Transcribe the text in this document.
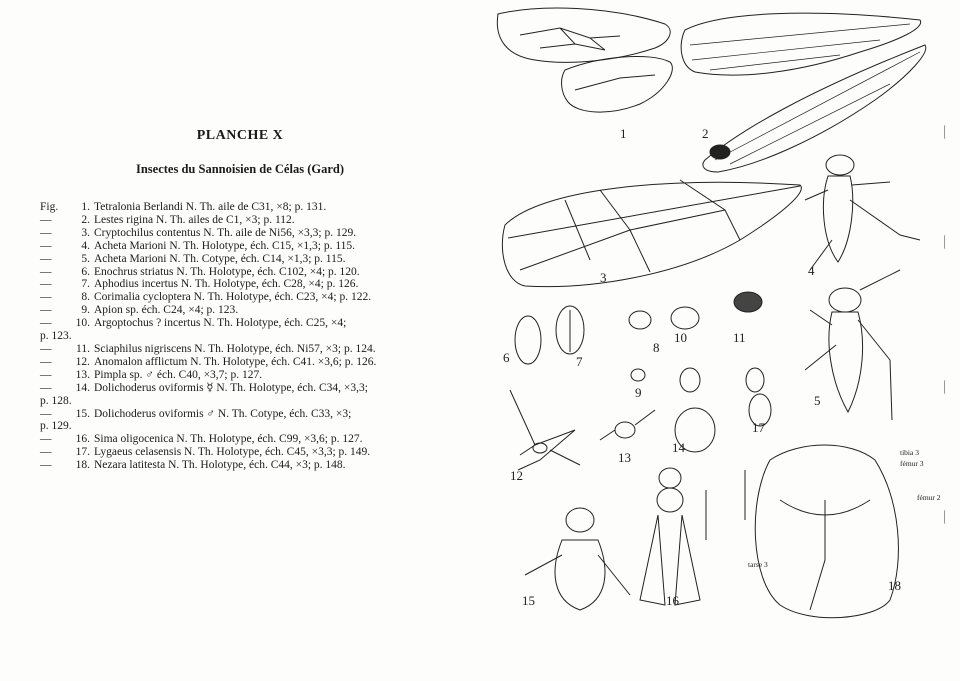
PLANCHE X
Insectes du Sannoisien de Célas (Gard)
Fig.	1. Tetralonia Berlandi N. Th. aile de C31, ×8; p. 131.
—	2. Lestes rigina N. Th. ailes de C1, ×3; p. 112.
—	3. Cryptochilus contentus N. Th. aile de Ni56, ×3,3; p. 129.
—	4. Acheta Marioni N. Th. Holotype, éch. C15, ×1,3; p. 115.
—	5. Acheta Marioni N. Th. Cotype, éch. C14, ×1,3; p. 115.
—	6. Enochrus striatus N. Th. Holotype, éch. C102, ×4; p. 120.
—	7. Aphodius incertus N. Th. Holotype, éch. C28, ×4; p. 126.
—	8. Corimalia cycloptera N. Th. Holotype, éch. C23, ×4; p. 122.
—	9. Apion sp. éch. C24, ×4; p. 123.
—	10. Argoptochus ? incertus N. Th. Holotype, éch. C25, ×4;
p. 123.
—	11. Sciaphilus nigriscens N. Th. Holotype, éch. Ni57, ×3; p. 124.
—	12. Anomalon afflictum N. Th. Holotype, éch. C41. ×3,6; p. 126.
—	13. Pimpla sp. ♂ éch. C40, ×3,7; p. 127.
—	14. Dolichoderus oviformis ☿ N. Th. Holotype, éch. C34, ×3,3;
p. 128.
—	15. Dolichoderus oviformis ♂ N. Th. Cotype, éch. C33, ×3;
p. 129.
—	16. Sima oligocenica N. Th. Holotype, éch. C99, ×3,6; p. 127.
—	17. Lygaeus celasensis N. Th. Holotype, éch. C45, ×3,3; p. 149.
—	18. Nezara latitesta N. Th. Holotype, éch. C44, ×3; p. 148.
1	2
3	4
5
6	7
8
9
10	11
12
13
14
17
15	16
18
tibia 3
fémur 3
fémur 2
tarse 3
